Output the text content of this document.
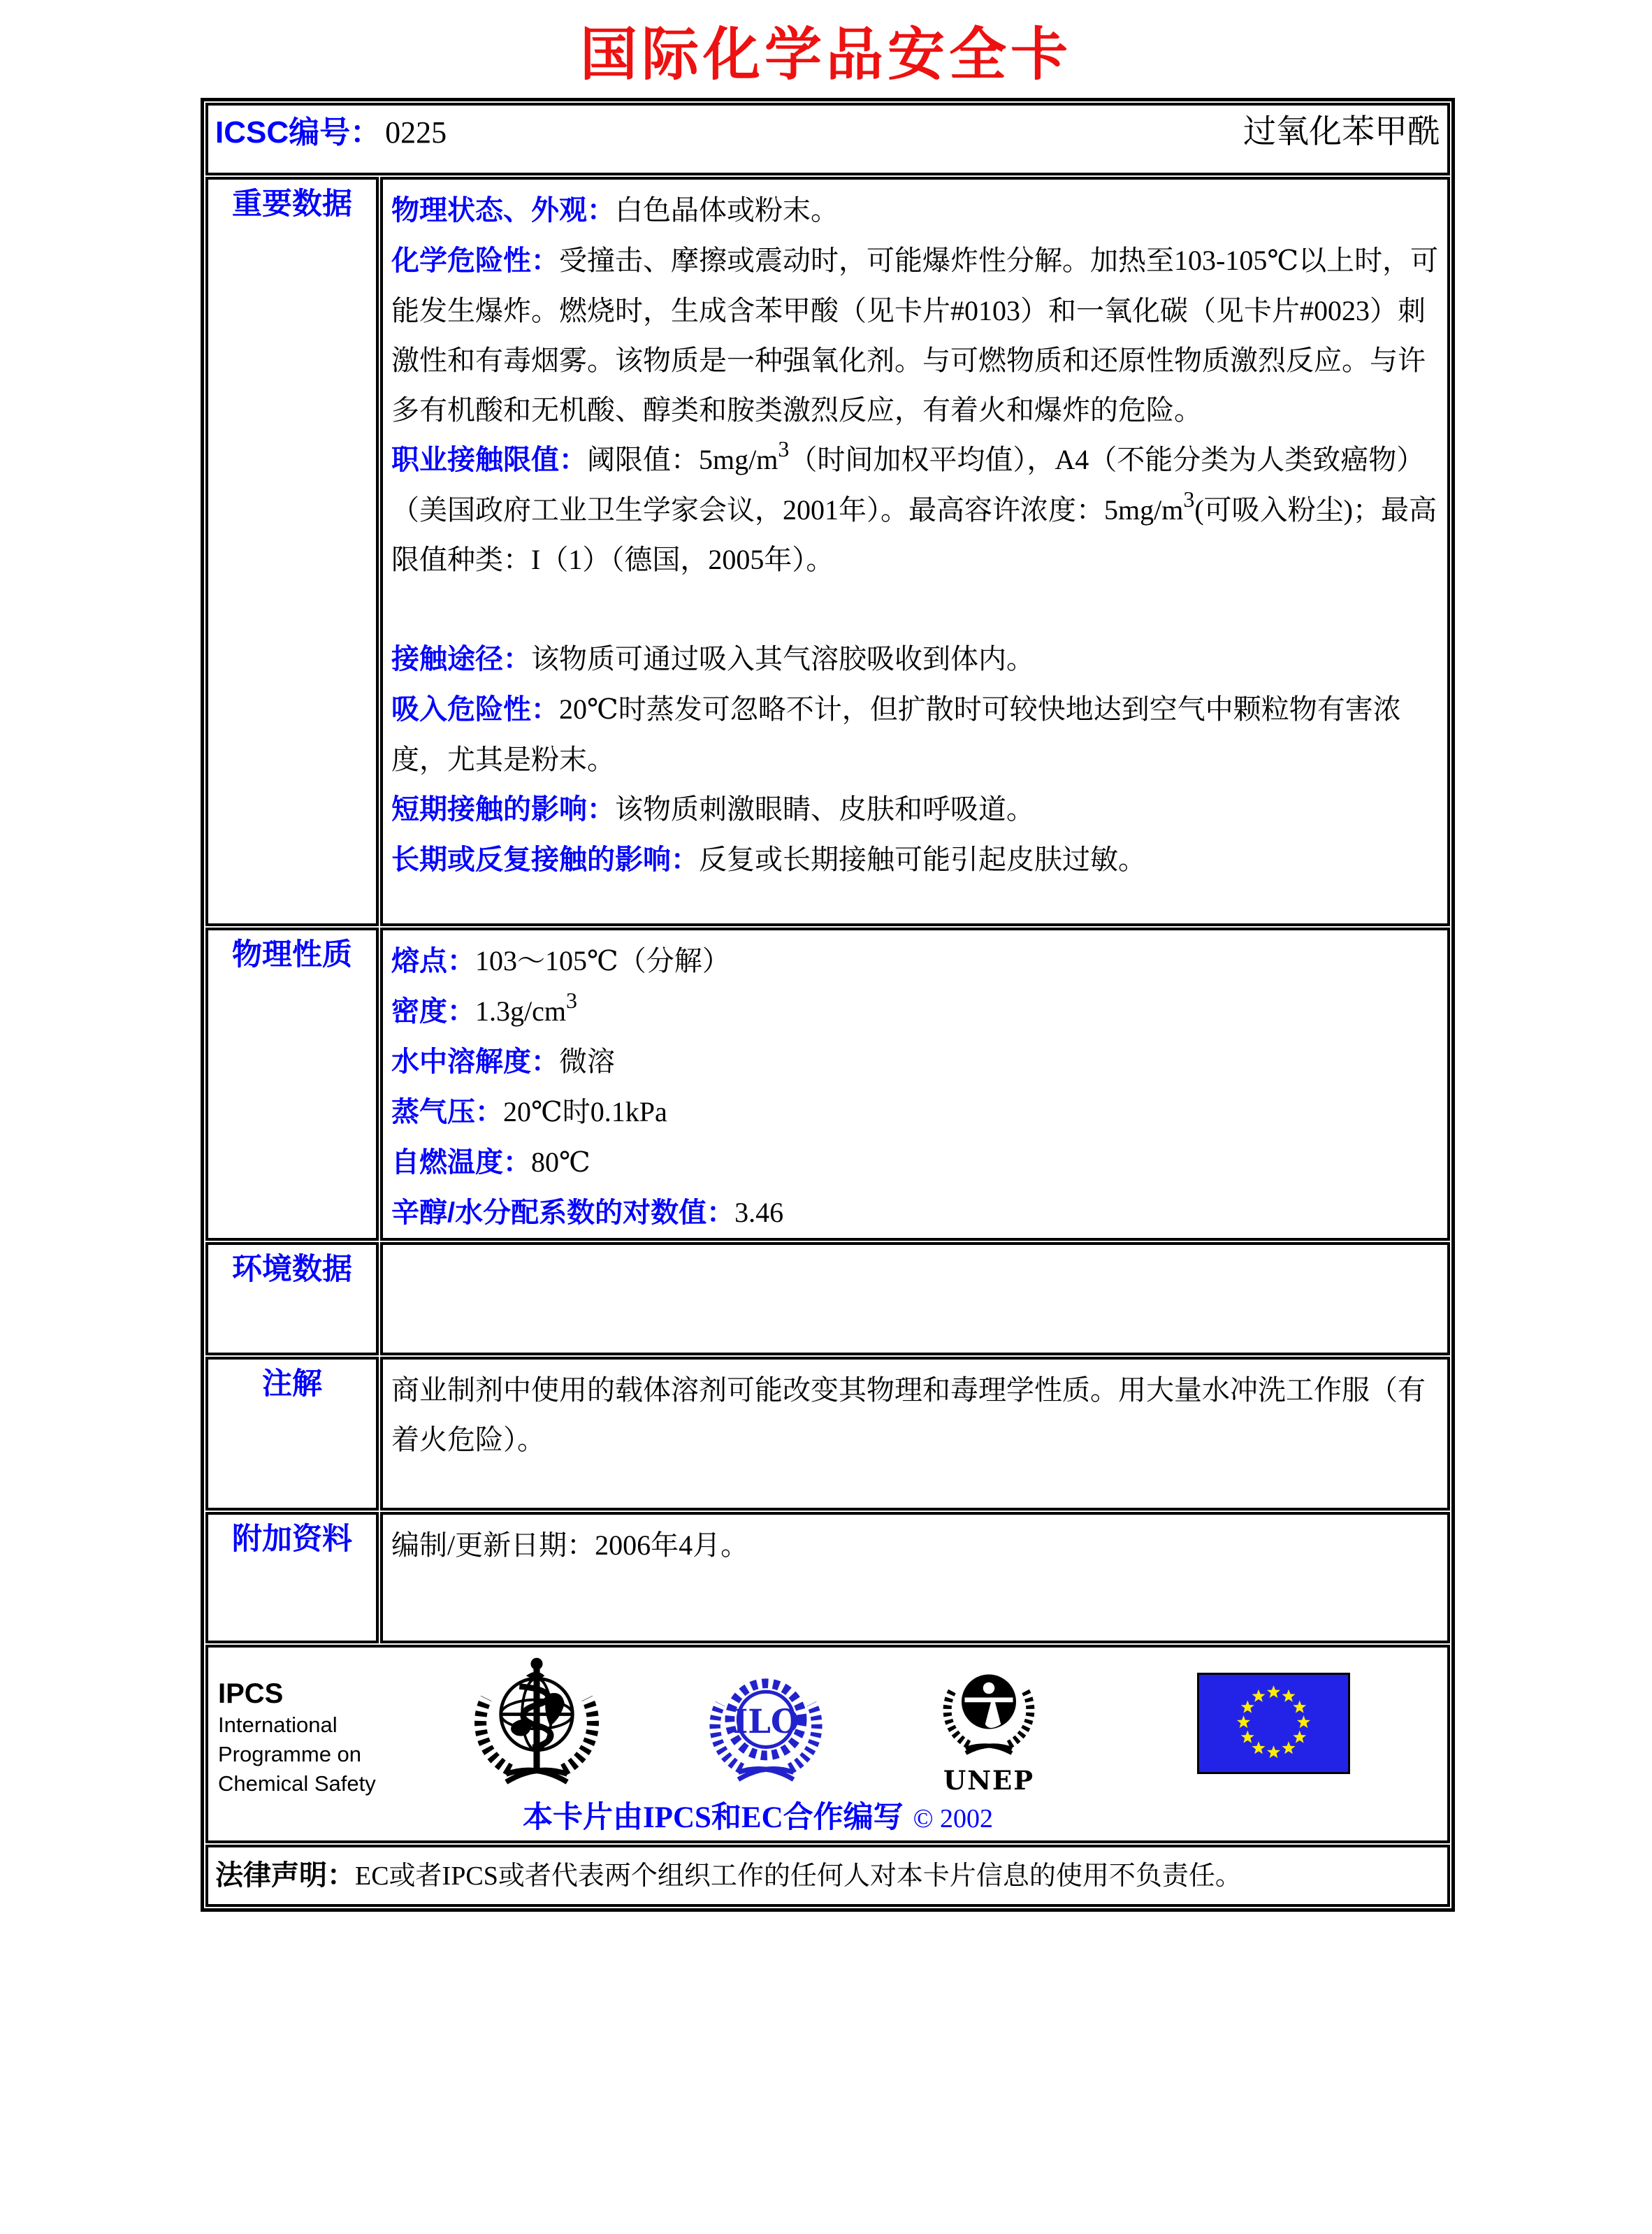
国际化学品安全卡
ICSC编号： 0225 过氧化苯甲酰	

重要数据	物理状态、外观：白色晶体或粉末。
化学危险性：受撞击、摩擦或震动时，可能爆炸性分解。加热至103-105℃以上时，可能发生爆炸。燃烧时，生成含苯甲酸（见卡片#0103）和一氧化碳（见卡片#0023）刺激性和有毒烟雾。该物质是一种强氧化剂。与可燃物质和还原性物质激烈反应。与许多有机酸和无机酸、醇类和胺类激烈反应，有着火和爆炸的危险。
职业接触限值：阈限值：$5mg/m^3$（时间加权平均值），A4（不能分类为人类致癌物）（美国政府工业卫生学家会议，2001年）。最高容许浓度：$5mg/m^3$(可吸入粉尘)；最高限值种类：I（1）（德国，2005年）。
接触途径：该物质可通过吸入其气溶胶吸收到体内。
吸入危险性：20℃时蒸发可忽略不计，但扩散时可较快地达到空气中颗粒物有害浓度，尤其是粉末。
短期接触的影响：该物质刺激眼睛、皮肤和呼吸道。
长期或反复接触的影响：反复或长期接触可能引起皮肤过敏。

物理性质	熔点：103～105℃（分解）
密度：$1.3g/cm^3$
水中溶解度：微溶
蒸气压：20℃时0.1kPa
自燃温度：80℃
辛醇/水分配系数的对数值：3.46

环境数据	

注解	商业制剂中使用的载体溶剂可能改变其物理和毒理学性质。用大量水冲洗工作服（有着火危险）。

附加资料	编制/更新日期：2006年4月。

IPCS
International
Programme on
Chemical Safety
ILO
UNEP
本卡片由IPCS和EC合作编写 © 2002

法律声明：EC或者IPCS或者代表两个组织工作的任何人对本卡片信息的使用不负责任。	
